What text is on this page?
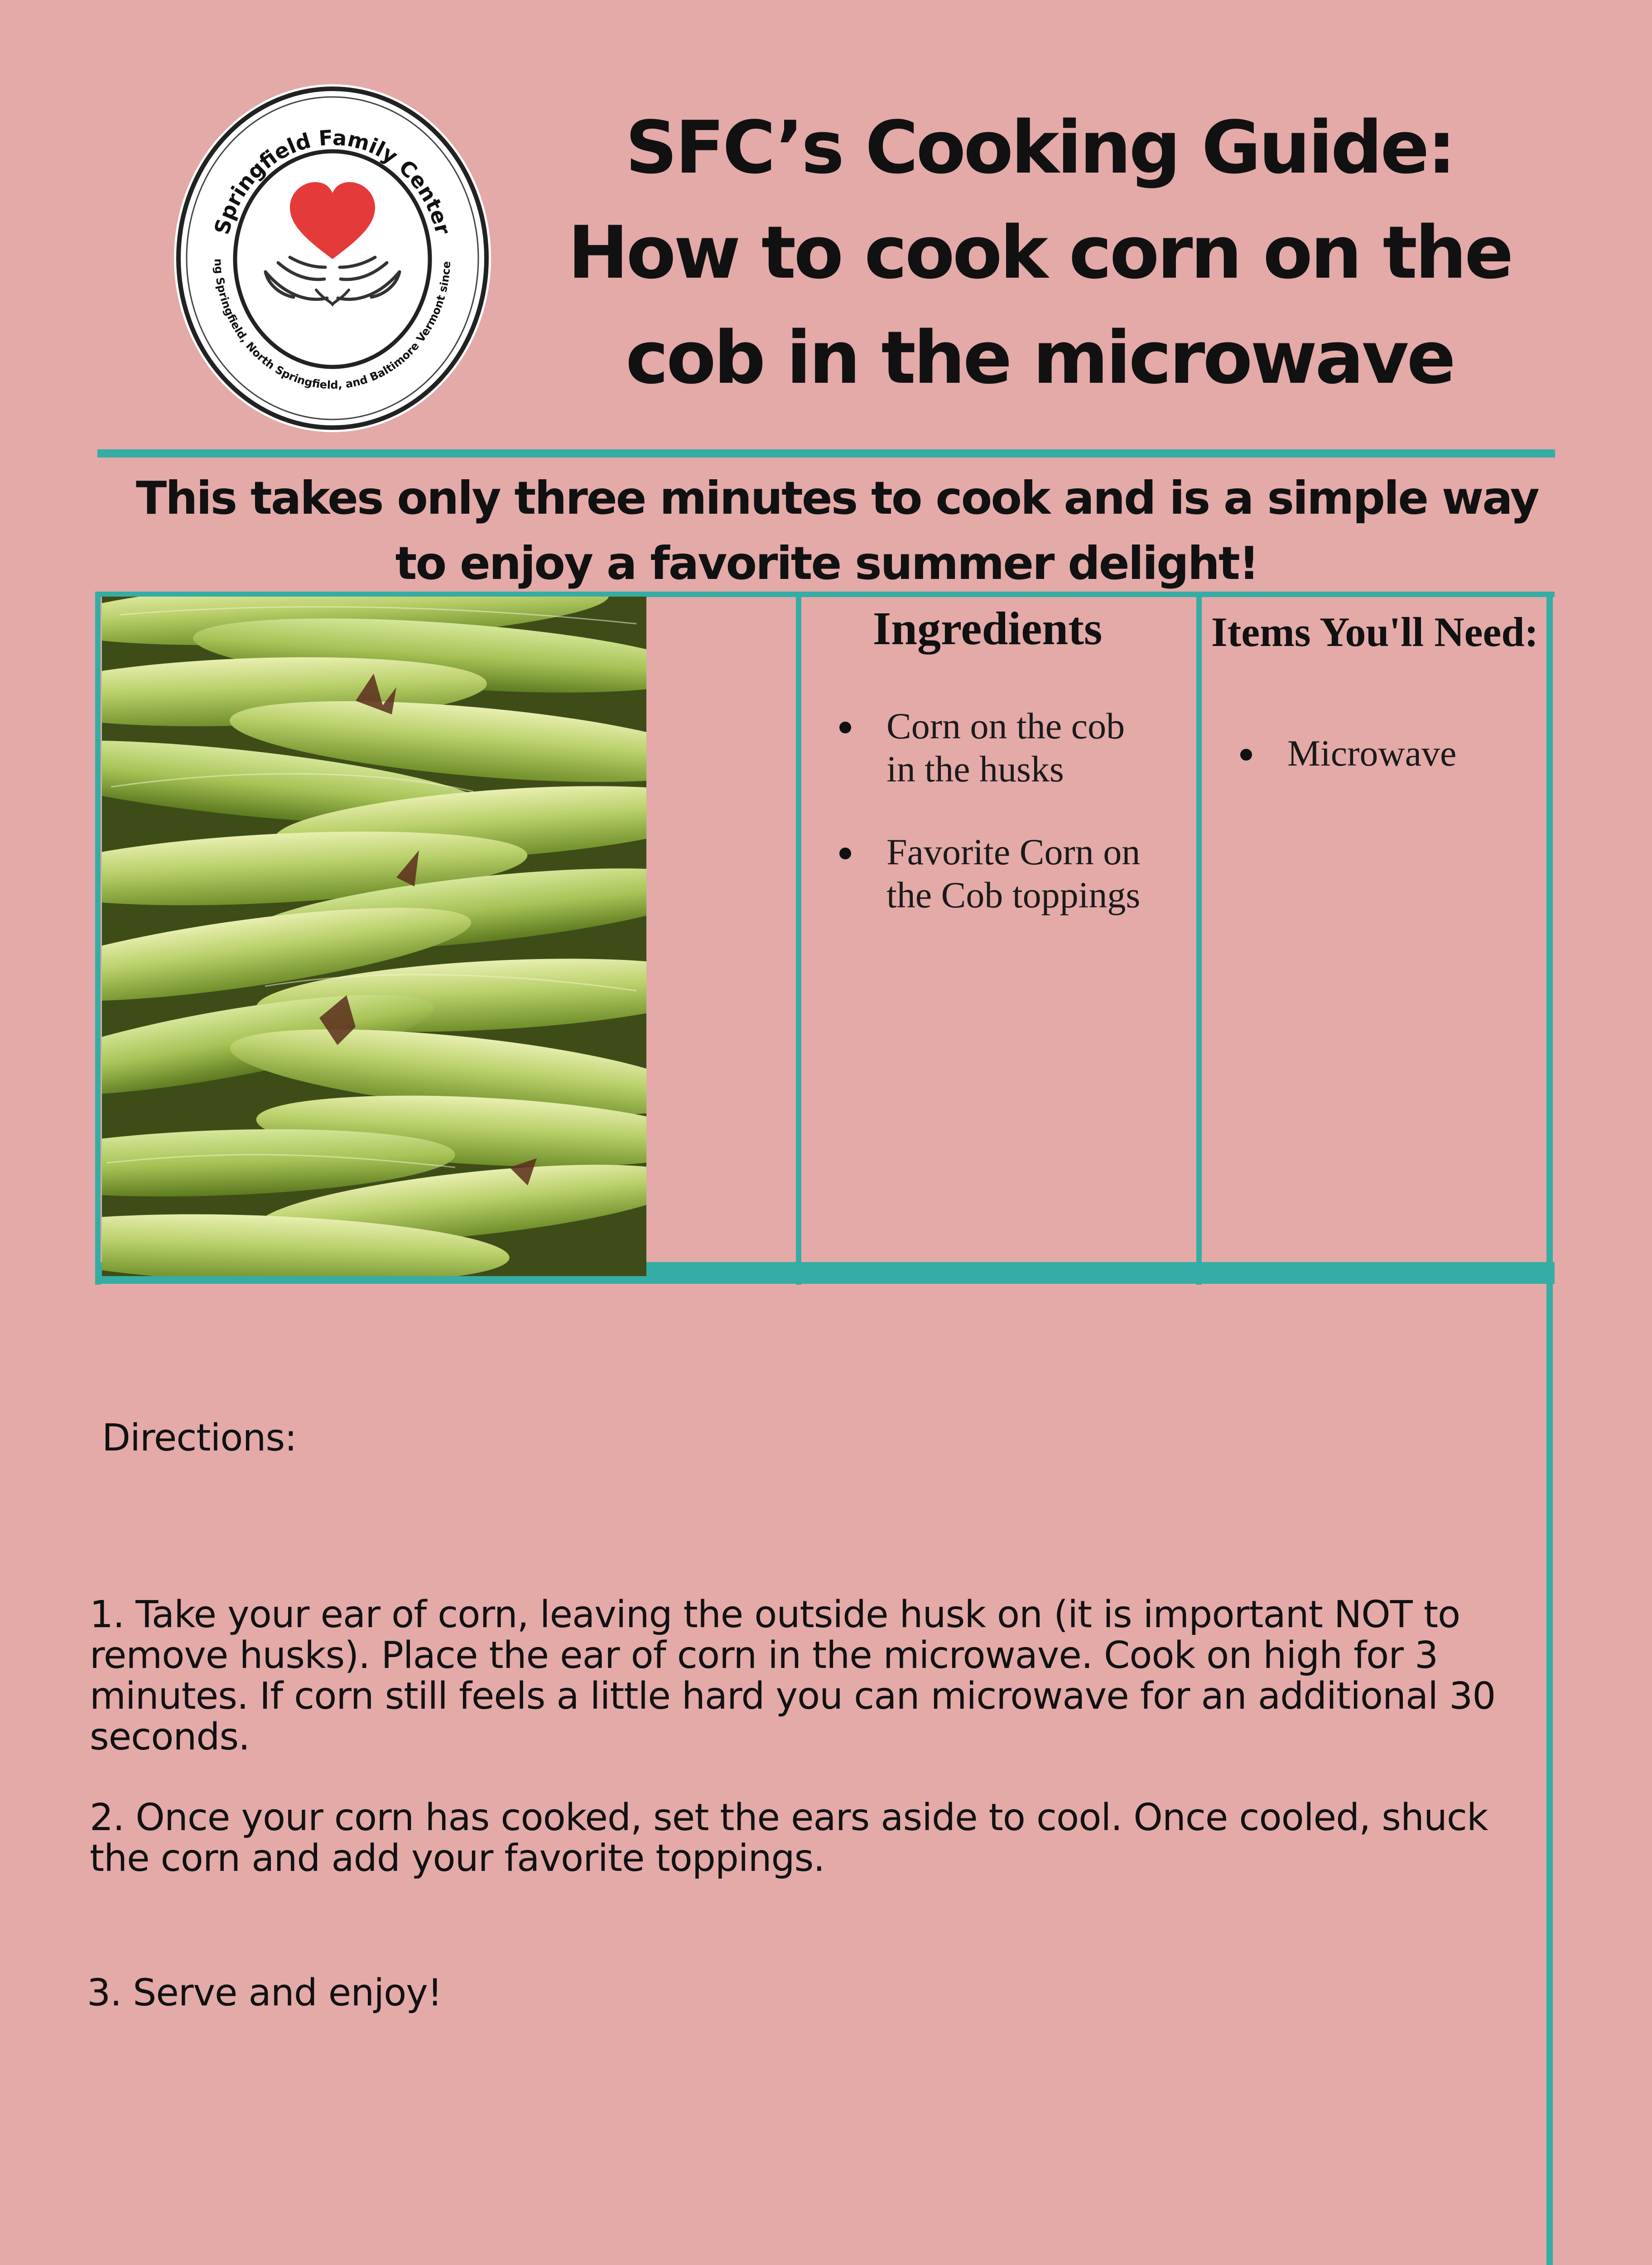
Springfield Family Center
ng Springfield, North Springfield, and Baltimore Vermont since
SFC’s Cooking Guide:
How to cook corn on the
cob in the microwave
This takes only three minutes to cook and is a simple way
to enjoy a favorite summer delight!
Ingredients
Corn on the cob
in the husks
Favorite Corn on
the Cob toppings
Items You'll Need:
Microwave
Directions:
1. Take your ear of corn, leaving the outside husk on (it is important NOT to remove husks). Place the ear of corn in the microwave. Cook on high for 3 minutes. If corn still feels a little hard you can microwave for an additional 30 seconds.
2. Once your corn has cooked, set the ears aside to cool. Once cooled, shuck the corn and add your favorite toppings.
3. Serve and enjoy!
